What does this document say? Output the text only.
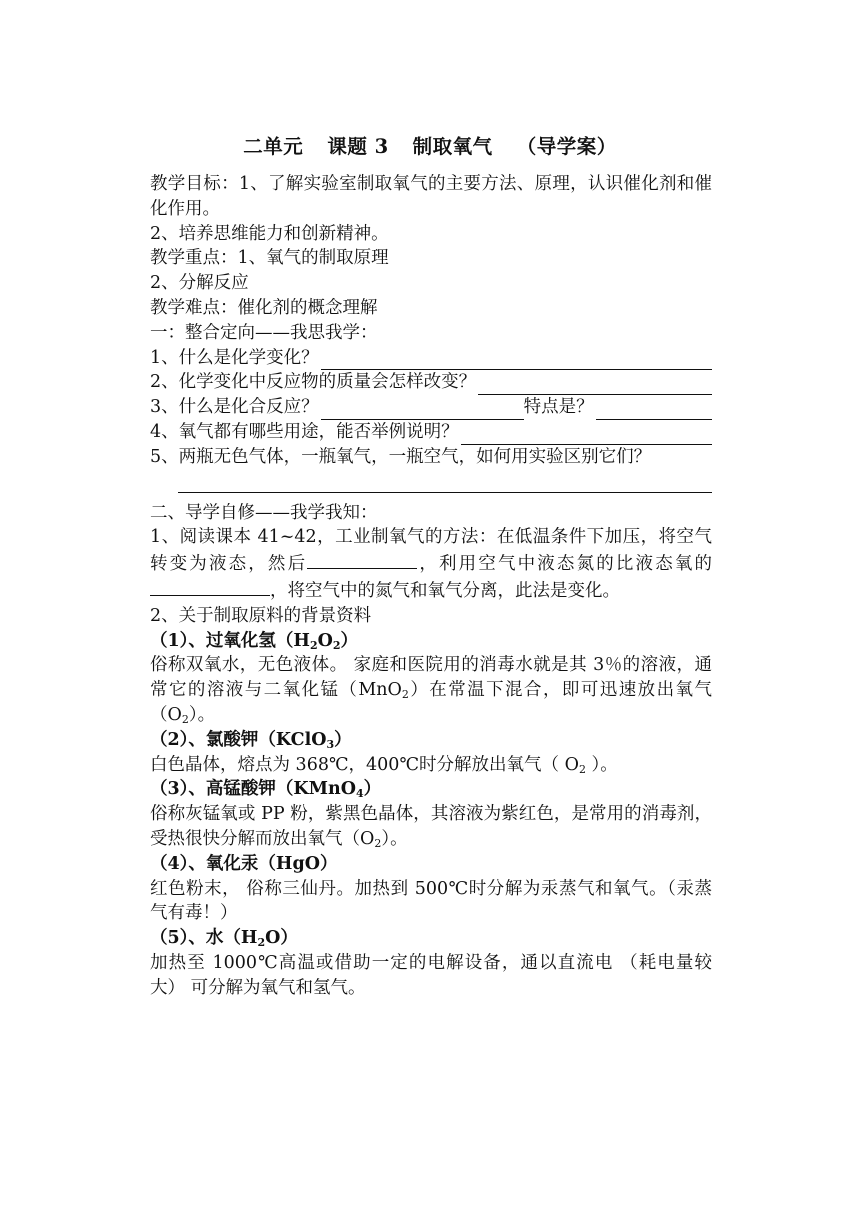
二单元 课题 3 制取氧气 （导学案）

教学目标：1、了解实验室制取氧气的主要方法、原理，认识催化剂和催化作用。

2、培养思维能力和创新精神。

教学重点：1、氧气的制取原理

2、分解反应

教学难点：催化剂的概念理解

一：整合定向——我思我学：

1、什么是化学变化？
2、化学变化中反应物的质量会怎样改变？
3、什么是化合反应？	特点是？
4、氧气都有哪些用途，能否举例说明？

5、两瓶无色气体，一瓶氧气，一瓶空气，如何用实验区别它们？

二、导学自修——我学我知：

1、阅读课本 41~42，工业制氧气的方法：在低温条件下加压，将空气转变为液态，然后	，利用空气中液态氮的比液态氧的，将空气中的氮气和氧气分离，此法是变化。

2、关于制取原料的背景资料

（1）、过氧化氢$(H_2O_2)$

俗称双氧水，无色液体。 家庭和医院用的消毒水就是其 3％的溶液，通常它的溶液与二氧化锰（MnO$_2$）在常温下混合，即可迅速放出氧气$(O_2)$。

（2）、氯酸钾（KClO$_3$）

白色晶体，熔点为 368℃，400℃时分解放出氧气（ $O_2$ ）。

（3）、高锰酸钾（KMnO$_4$）

俗称灰锰氧或 PP 粉，紫黑色晶体，其溶液为紫红色，是常用的消毒剂，受热很快分解而放出氧气$(O_2)$。

（4）、氧化汞（HgO）

红色粉末， 俗称三仙丹。加热到 500℃时分解为汞蒸气和氧气。（汞蒸气有毒！）

（5）、水$(H_2O)$

加热至 1000℃高温或借助一定的电解设备，通以直流电 （耗电量较大） 可分解为氧气和氢气。
